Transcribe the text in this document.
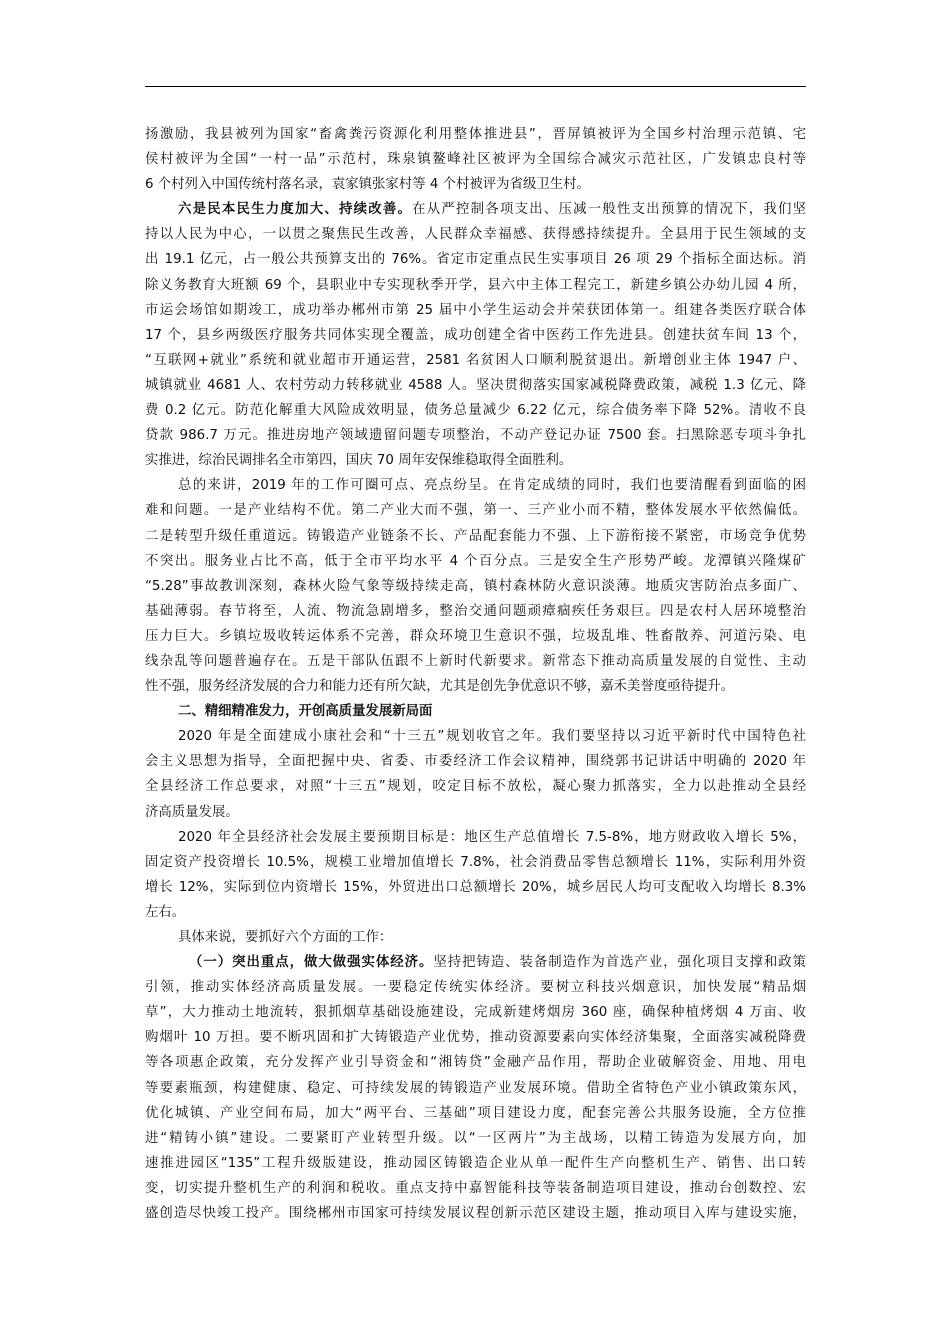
扬激励，我县被列为国家“畜禽粪污资源化利用整体推进县”，晋屏镇被评为全国乡村治理示范镇、宅
侯村被评为全国“一村一品”示范村，珠泉镇鳌峰社区被评为全国综合减灾示范社区，广发镇忠良村等
6 个村列入中国传统村落名录，袁家镇张家村等 4 个村被评为省级卫生村。
六是民本民生力度加大、持续改善。在从严控制各项支出、压减一般性支出预算的情况下，我们坚
持以人民为中心，一以贯之聚焦民生改善，人民群众幸福感、获得感持续提升。全县用于民生领域的支
出 19.1 亿元，占一般公共预算支出的 76%。省定市定重点民生实事项目 26 项 29 个指标全面达标。消
除义务教育大班额 69 个，县职业中专实现秋季开学，县六中主体工程完工，新建乡镇公办幼儿园 4 所，
市运会场馆如期竣工，成功举办郴州市第 25 届中小学生运动会并荣获团体第一。组建各类医疗联合体
17 个，县乡两级医疗服务共同体实现全覆盖，成功创建全省中医药工作先进县。创建扶贫车间 13 个，
“互联网+就业”系统和就业超市开通运营，2581 名贫困人口顺利脱贫退出。新增创业主体 1947 户、
城镇就业 4681 人、农村劳动力转移就业 4588 人。坚决贯彻落实国家减税降费政策，减税 1.3 亿元、降
费 0.2 亿元。防范化解重大风险成效明显，债务总量减少 6.22 亿元，综合债务率下降 52%。清收不良
贷款 986.7 万元。推进房地产领域遗留问题专项整治，不动产登记办证 7500 套。扫黑除恶专项斗争扎
实推进，综治民调排名全市第四，国庆 70 周年安保维稳取得全面胜利。
总的来讲，2019 年的工作可圈可点、亮点纷呈。在肯定成绩的同时，我们也要清醒看到面临的困
难和问题。一是产业结构不优。第二产业大而不强，第一、三产业小而不精，整体发展水平依然偏低。
二是转型升级任重道远。铸锻造产业链条不长、产品配套能力不强、上下游衔接不紧密，市场竞争优势
不突出。服务业占比不高，低于全市平均水平 4 个百分点。三是安全生产形势严峻。龙潭镇兴隆煤矿
“5.28”事故教训深刻，森林火险气象等级持续走高，镇村森林防火意识淡薄。地质灾害防治点多面广、
基础薄弱。春节将至，人流、物流急剧增多，整治交通问题顽瘴痼疾任务艰巨。四是农村人居环境整治
压力巨大。乡镇垃圾收转运体系不完善，群众环境卫生意识不强，垃圾乱堆、牲畜散养、河道污染、电
线杂乱等问题普遍存在。五是干部队伍跟不上新时代新要求。新常态下推动高质量发展的自觉性、主动
性不强，服务经济发展的合力和能力还有所欠缺，尤其是创先争优意识不够，嘉禾美誉度亟待提升。
二、精细精准发力，开创高质量发展新局面
2020 年是全面建成小康社会和“十三五”规划收官之年。我们要坚持以习近平新时代中国特色社
会主义思想为指导，全面把握中央、省委、市委经济工作会议精神，围绕郭书记讲话中明确的 2020 年
全县经济工作总要求，对照“十三五”规划，咬定目标不放松，凝心聚力抓落实，全力以赴推动全县经
济高质量发展。
2020 年全县经济社会发展主要预期目标是：地区生产总值增长 7.5-8%，地方财政收入增长 5%，
固定资产投资增长 10.5%，规模工业增加值增长 7.8%，社会消费品零售总额增长 11%，实际利用外资
增长 12%，实际到位内资增长 15%，外贸进出口总额增长 20%，城乡居民人均可支配收入均增长 8.3%
左右。
具体来说，要抓好六个方面的工作：
（一）突出重点，做大做强实体经济。坚持把铸造、装备制造作为首选产业，强化项目支撑和政策
引领，推动实体经济高质量发展。一要稳定传统实体经济。要树立科技兴烟意识，加快发展“精品烟
草”，大力推动土地流转，狠抓烟草基础设施建设，完成新建烤烟房 360 座，确保种植烤烟 4 万亩、收
购烟叶 10 万担。要不断巩固和扩大铸锻造产业优势，推动资源要素向实体经济集聚，全面落实减税降费
等各项惠企政策，充分发挥产业引导资金和“湘铸贷”金融产品作用，帮助企业破解资金、用地、用电
等要素瓶颈，构建健康、稳定、可持续发展的铸锻造产业发展环境。借助全省特色产业小镇政策东风，
优化城镇、产业空间布局，加大“两平台、三基础”项目建设力度，配套完善公共服务设施，全方位推
进“精铸小镇”建设。二要紧盯产业转型升级。以“一区两片”为主战场，以精工铸造为发展方向，加
速推进园区“135”工程升级版建设，推动园区铸锻造企业从单一配件生产向整机生产、销售、出口转
变，切实提升整机生产的利润和税收。重点支持中嘉智能科技等装备制造项目建设，推动台创数控、宏
盛创造尽快竣工投产。围绕郴州市国家可持续发展议程创新示范区建设主题，推动项目入库与建设实施，
